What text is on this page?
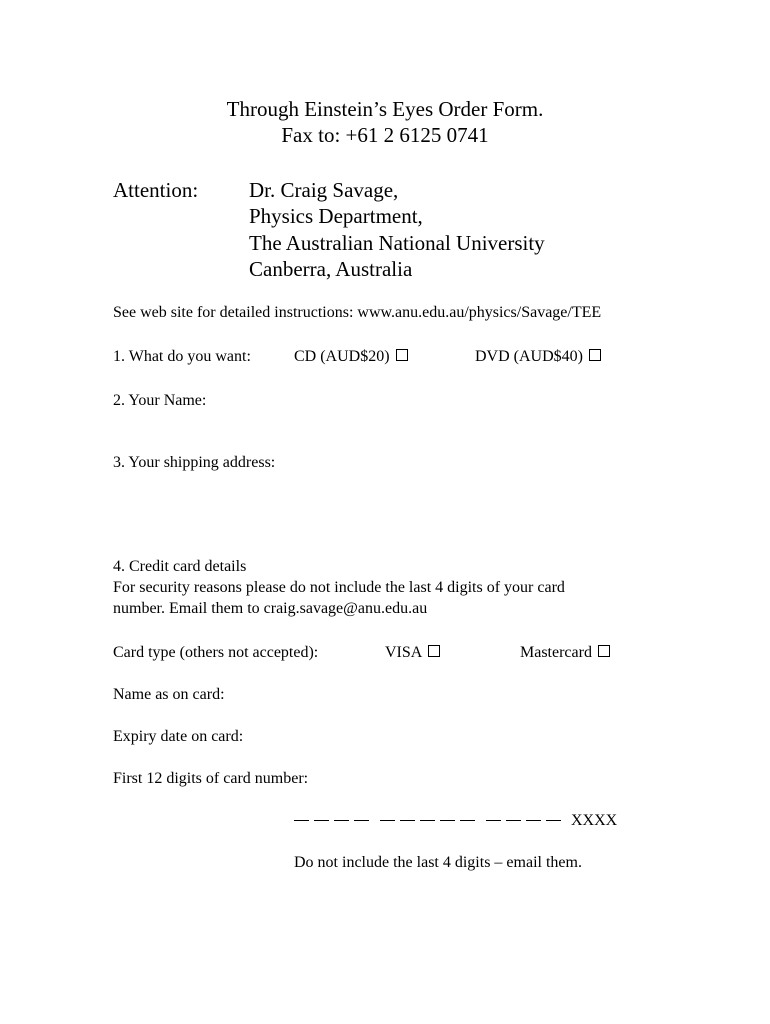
Through Einstein’s Eyes Order Form.
Fax to: +61 2 6125 0741
Attention: Dr. Craig Savage,
Physics Department,
The Australian National University
Canberra, Australia
See web site for detailed instructions: www.anu.edu.au/physics/Savage/TEE
1. What do you want:	CD (AUD$20)	DVD (AUD$40)
2. Your Name:
3. Your shipping address:
4. Credit card details
For security reasons please do not include the last 4 digits of your card
number. Email them to craig.savage@anu.edu.au
Card type (others not accepted):	VISA	Mastercard
Name as on card:
Expiry date on card:
First 12 digits of card number:
XXXX
Do not include the last 4 digits – email them.
